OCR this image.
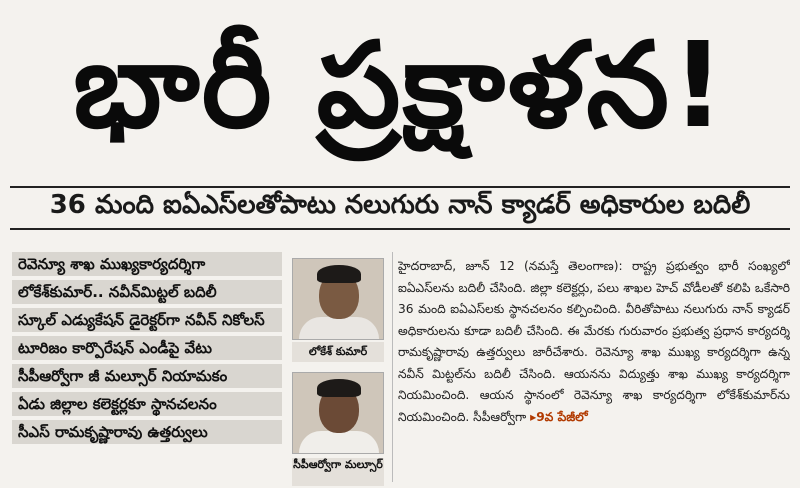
భారీ ప్రక్షాళన!
36 మంది ఐఏఎస్‌లతోపాటు నలుగురు నాన్ క్యాడర్ అధికారుల బదిలీ
రెవెన్యూ శాఖ ముఖ్యకార్యదర్శిగా
లోకేశ్‌కుమార్.. నవీన్‌మిట్టల్ బదిలీ
స్కూల్ ఎడ్యుకేషన్ డైరెక్టర్‌గా నవీన్ నికోలస్
టూరిజం కార్పొరేషన్ ఎండీపై వేటు
సీపీఆర్వోగా జీ మల్సూర్ నియామకం
ఏడు జిల్లాల కలెక్టర్లకూ స్థానచలనం
సీఎస్ రామకృష్ణారావు ఉత్తర్వులు
లోకేశ్ కుమార్
సీపీఆర్వోగా మల్సూర్
హైదరాబాద్, జూన్ 12 (నమస్తే తెలంగాణ): రాష్ట్ర ప్రభుత్వం భారీ సంఖ్యలో ఐఏఎస్‌లను బదిలీ చేసింది. జిల్లా కలెక్టర్లు, పలు శాఖల హెచ్ వోడీలతో కలిపి ఒకేసారి 36 మంది ఐఏఎస్‌లకు స్థానచలనం కల్పించింది. వీరితోపాటు నలుగురు నాన్ క్యాడర్ అధికారులను కూడా బదిలీ చేసింది. ఈ మేరకు గురువారం ప్రభుత్వ ప్రధాన కార్యదర్శి రామకృష్ణారావు ఉత్తర్వులు జారీచేశారు. రెవెన్యూ శాఖ ముఖ్య కార్యదర్శిగా ఉన్న నవీన్ మిట్టల్‌ను బదిలీ చేసింది. ఆయనను విద్యుత్తు శాఖ ముఖ్య కార్యదర్శిగా నియమించింది. ఆయన స్థానంలో రెవెన్యూ శాఖ కార్యదర్శిగా లోకేశ్‌కుమార్‌ను నియమించింది. సీపీఆర్వోగా ▸9వ పేజీలో
